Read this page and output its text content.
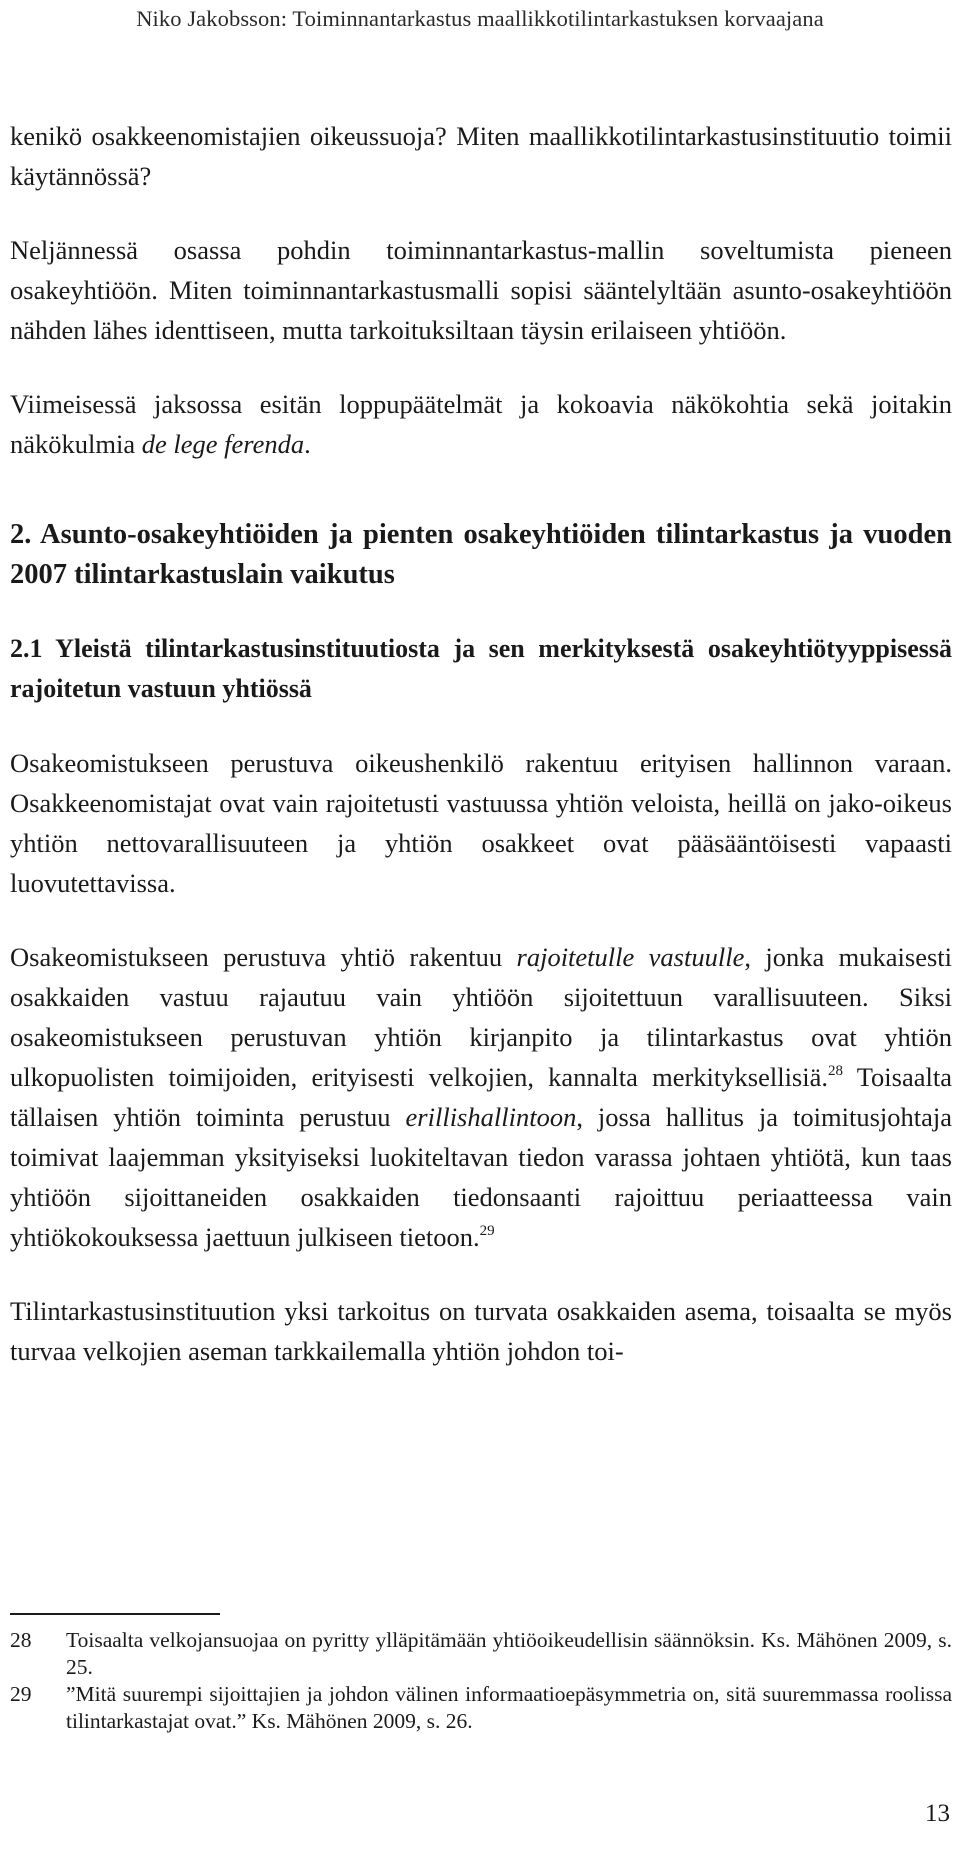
Niko Jakobsson: Toiminnantarkastus maallikkotilintarkastuksen korvaajana

kenikö osakkeenomistajien oikeussuoja? Miten maallikkotilintarkastusinstituutio toimii käytännössä?

Neljännessä osassa pohdin toiminnantarkastus-mallin soveltumista pieneen osakeyhtiöön. Miten toiminnantarkastusmalli sopisi sääntelyltään asunto-osakeyhtiöön nähden lähes identtiseen, mutta tarkoituksiltaan täysin erilaiseen yhtiöön.

Viimeisessä jaksossa esitän loppupäätelmät ja kokoavia näkökohtia sekä joitakin näkökulmia de lege ferenda.

2. Asunto-osakeyhtiöiden ja pienten osakeyhtiöiden tilintarkastus ja vuoden 2007 tilintarkastuslain vaikutus
2.1 Yleistä tilintarkastusinstituutiosta ja sen merkityksestä osakeyhtiötyyppisessä rajoitetun vastuun yhtiössä

Osakeomistukseen perustuva oikeushenkilö rakentuu erityisen hallinnon varaan. Osakkeenomistajat ovat vain rajoitetusti vastuussa yhtiön veloista, heillä on jako-oikeus yhtiön nettovarallisuuteen ja yhtiön osakkeet ovat pääsääntöisesti vapaasti luovutettavissa.

Osakeomistukseen perustuva yhtiö rakentuu rajoitetulle vastuulle, jonka mukaisesti osakkaiden vastuu rajautuu vain yhtiöön sijoitettuun varallisuuteen. Siksi osakeomistukseen perustuvan yhtiön kirjanpito ja tilintarkastus ovat yhtiön ulkopuolisten toimijoiden, erityisesti velkojien, kannalta merkityksellisiä.$^{28}$ Toisaalta tällaisen yhtiön toiminta perustuu erillishallintoon, jossa hallitus ja toimitusjohtaja toimivat laajemman yksityiseksi luokiteltavan tiedon varassa johtaen yhtiötä, kun taas yhtiöön sijoittaneiden osakkaiden tiedonsaanti rajoittuu periaatteessa vain yhtiökokouksessa jaettuun julkiseen tietoon.$^{29}$

Tilintarkastusinstituution yksi tarkoitus on turvata osakkaiden asema, toisaalta se myös turvaa velkojien aseman tarkkailemalla yhtiön johdon toi-

28	Toisaalta velkojansuojaa on pyritty ylläpitämään yhtiöoikeudellisin säännöksin. Ks. Mähönen 2009, s. 25.
29	”Mitä suurempi sijoittajien ja johdon välinen informaatioepäsymmetria on, sitä suuremmassa roolissa tilintarkastajat ovat.” Ks. Mähönen 2009, s. 26.
13
